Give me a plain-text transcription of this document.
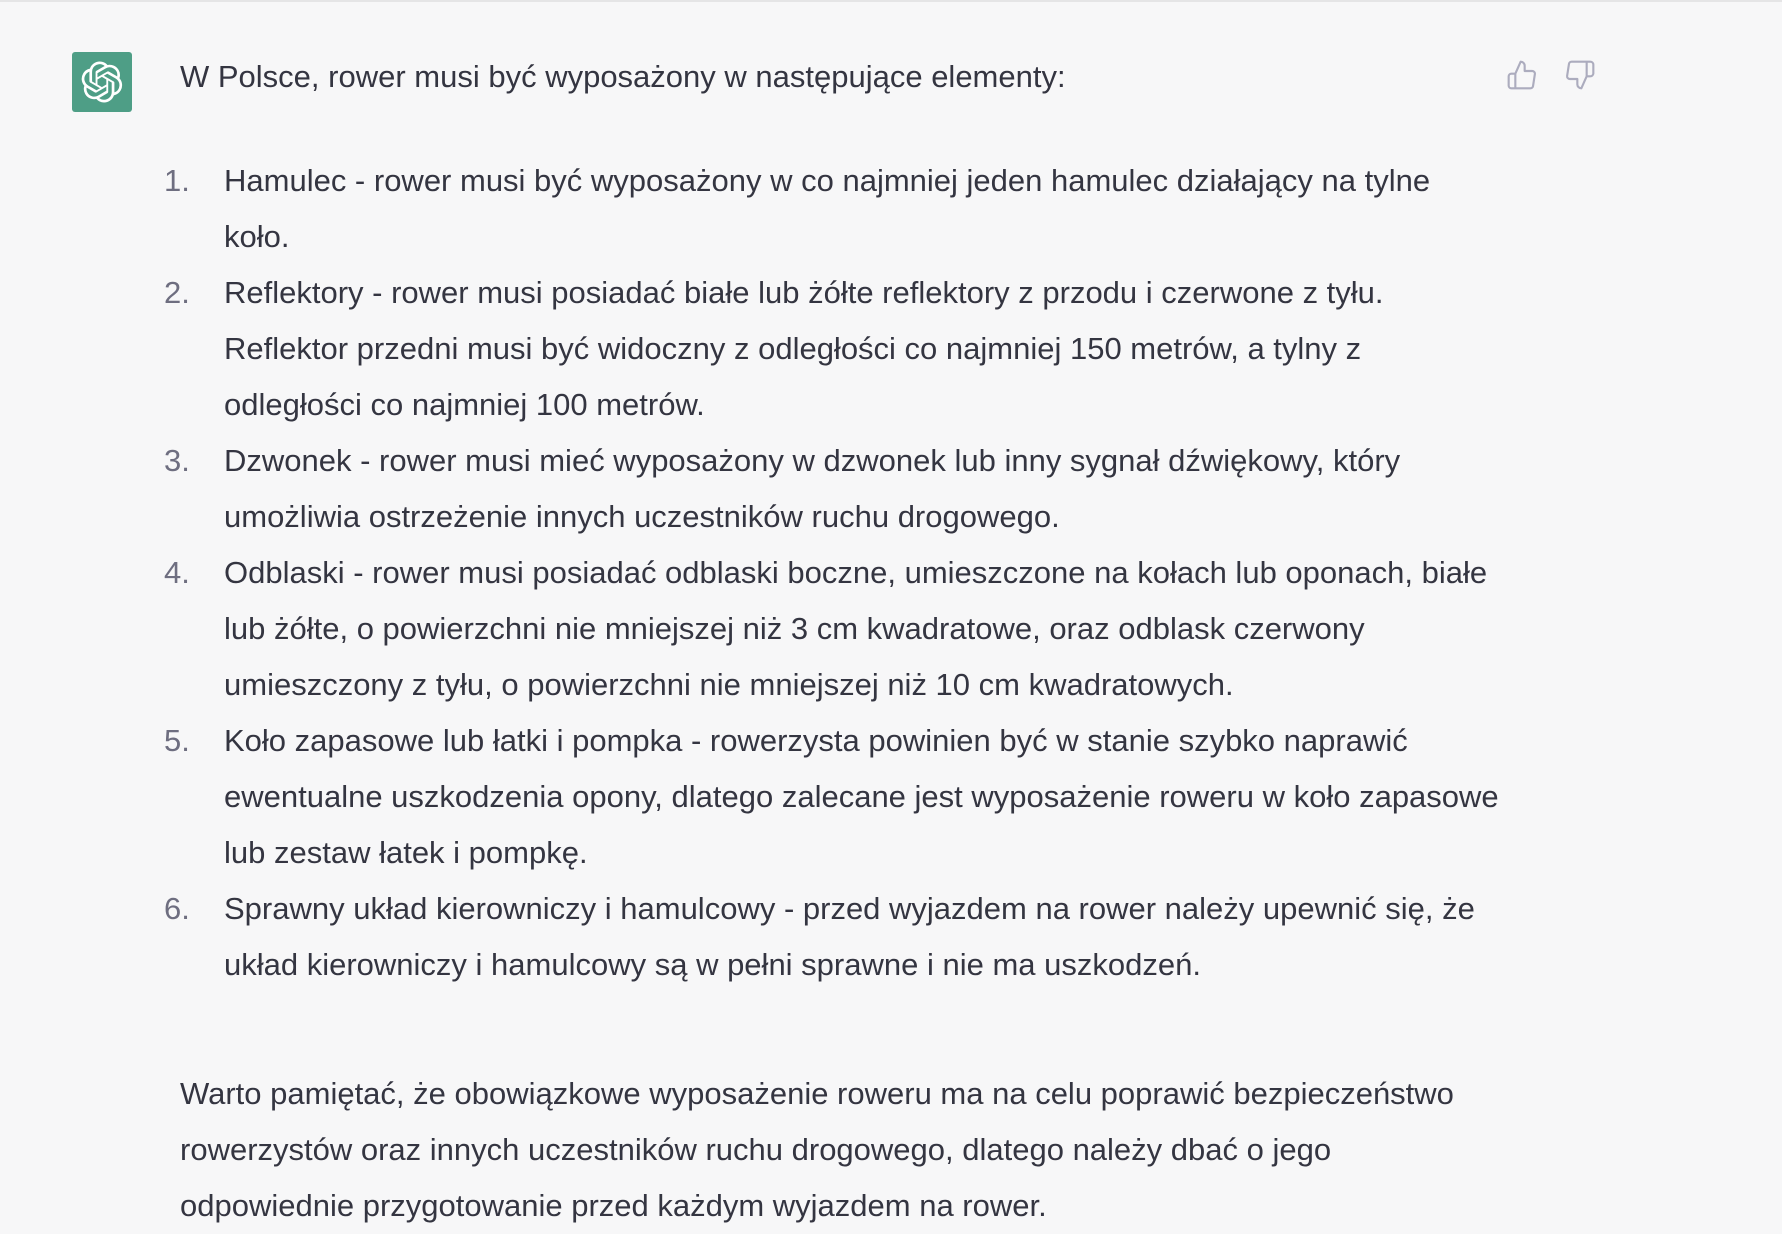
W Polsce, rower musi być wyposażony w następujące elementy:

1.	Hamulec - rower musi być wyposażony w co najmniej jeden hamulec działający na tylne koło.
2.	Reflektory - rower musi posiadać białe lub żółte reflektory z przodu i czerwone z tyłu. Reflektor przedni musi być widoczny z odległości co najmniej 150 metrów, a tylny z odległości co najmniej 100 metrów.
3.	Dzwonek - rower musi mieć wyposażony w dzwonek lub inny sygnał dźwiękowy, który umożliwia ostrzeżenie innych uczestników ruchu drogowego.
4.	Odblaski - rower musi posiadać odblaski boczne, umieszczone na kołach lub oponach, białe lub żółte, o powierzchni nie mniejszej niż 3 cm kwadratowe, oraz odblask czerwony umieszczony z tyłu, o powierzchni nie mniejszej niż 10 cm kwadratowych.
5.	Koło zapasowe lub łatki i pompka - rowerzysta powinien być w stanie szybko naprawić ewentualne uszkodzenia opony, dlatego zalecane jest wyposażenie roweru w koło zapasowe lub zestaw łatek i pompkę.
6.	Sprawny układ kierowniczy i hamulcowy - przed wyjazdem na rower należy upewnić się, że układ kierowniczy i hamulcowy są w pełni sprawne i nie ma uszkodzeń.

Warto pamiętać, że obowiązkowe wyposażenie roweru ma na celu poprawić bezpieczeństwo rowerzystów oraz innych uczestników ruchu drogowego, dlatego należy dbać o jego odpowiednie przygotowanie przed każdym wyjazdem na rower.
